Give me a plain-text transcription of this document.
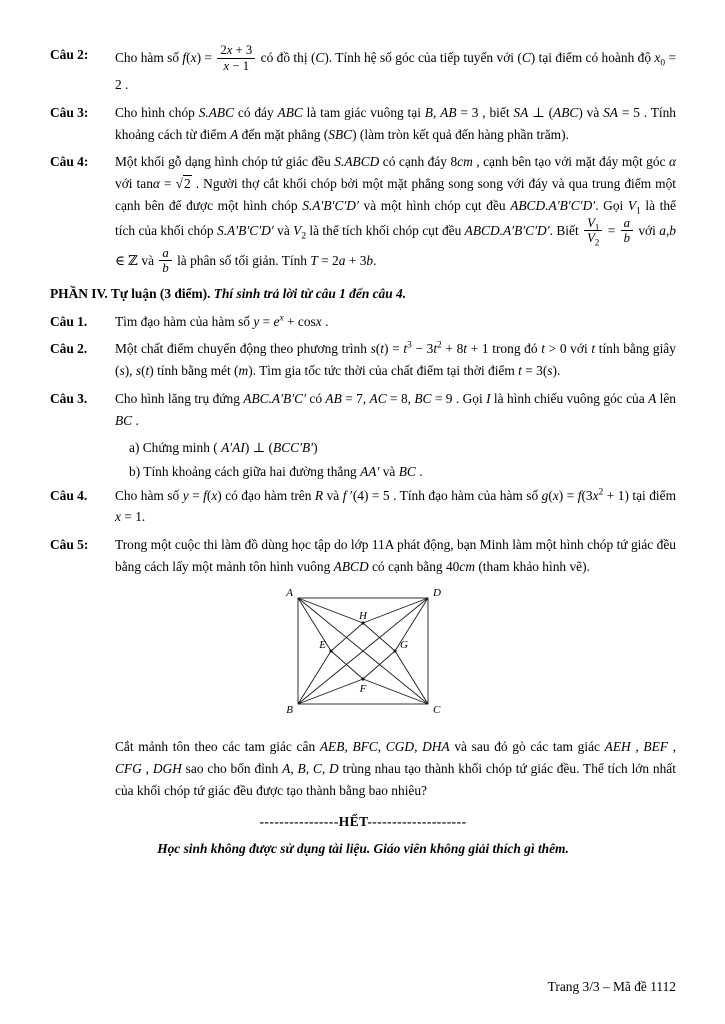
Câu 2: Cho hàm số $f(x) = \frac{2x + 3}{x - 1}$ có đồ thị (C). Tính hệ số góc của tiếp tuyến với (C) tại điểm có hoành độ $x_0 = 2$ .
Câu 3: Cho hình chóp S.ABC có đáy ABC là tam giác vuông tại B, AB = 3 , biết SA ⊥ (ABC) và SA = 5 . Tính khoảng cách từ điểm A đến mặt phẳng (SBC) (làm tròn kết quả đến hàng phần trăm).
Câu 4: Một khối gỗ dạng hình chóp tứ giác đều S.ABCD có cạnh đáy 8cm , cạnh bên tạo với mặt đáy một góc α với tanα = √2 . Người thợ cắt khối chóp bởi một mặt phẳng song song với đáy và qua trung điểm một cạnh bên để được một hình chóp S.A′B′C′D′ và một hình chóp cụt đều ABCD.A′B′C′D′. Gọi $V_1$ là thể tích của khối chóp S.A′B′C′D′ và $V_2$ là thể tích khối chóp cụt đều ABCD.A′B′C′D′. Biết $\frac{V_1}{V_2} = \frac{a}{b}$ với a,b ∈ ℤ và $\frac{a}{b}$ là phân số tối giản. Tính T = 2a + 3b.
PHẦN IV. Tự luận (3 điểm). Thí sinh trả lời từ câu 1 đến câu 4.
Câu 1. Tìm đạo hàm của hàm số $y = e^x + \cos x$ .
Câu 2. Một chất điểm chuyển động theo phương trình $s(t) = t^3 - 3t^2 + 8t + 1$ trong đó t > 0 với t tính bằng giây (s), s(t) tính bằng mét (m). Tìm gia tốc tức thời của chất điểm tại thời điểm t = 3(s).
Câu 3. Cho hình lăng trụ đứng ABC.A′B′C′ có AB = 7, AC = 8, BC = 9 . Gọi I là hình chiếu vuông góc của A lên BC .
a) Chứng minh ( A′AI) ⊥ (BCC′B′)
b) Tính khoảng cách giữa hai đường thẳng AA′ và BC .
Câu 4. Cho hàm số y = f(x) có đạo hàm trên R và f ′(4) = 5 . Tính đạo hàm của hàm số $g(x) = f(3x^2 + 1)$ tại điểm x = 1.
Câu 5: Trong một cuộc thi làm đồ dùng học tập do lớp 11A phát động, bạn Minh làm một hình chóp tứ giác đều bằng cách lấy một mảnh tôn hình vuông ABCD có cạnh bằng 40cm (tham khảo hình vẽ).
A	D
B	C
H
E	G
F
Cắt mảnh tôn theo các tam giác cân AEB, BFC, CGD, DHA và sau đó gò các tam giác AEH , BEF , CFG , DGH sao cho bốn đỉnh A, B, C, D trùng nhau tạo thành khối chóp tứ giác đều. Thể tích lớn nhất của khối chóp tứ giác đều được tạo thành bằng bao nhiêu?
----------------HẾT--------------------
Học sinh không được sử dụng tài liệu. Giáo viên không giải thích gì thêm.
Trang 3/3 – Mã đề 1112
